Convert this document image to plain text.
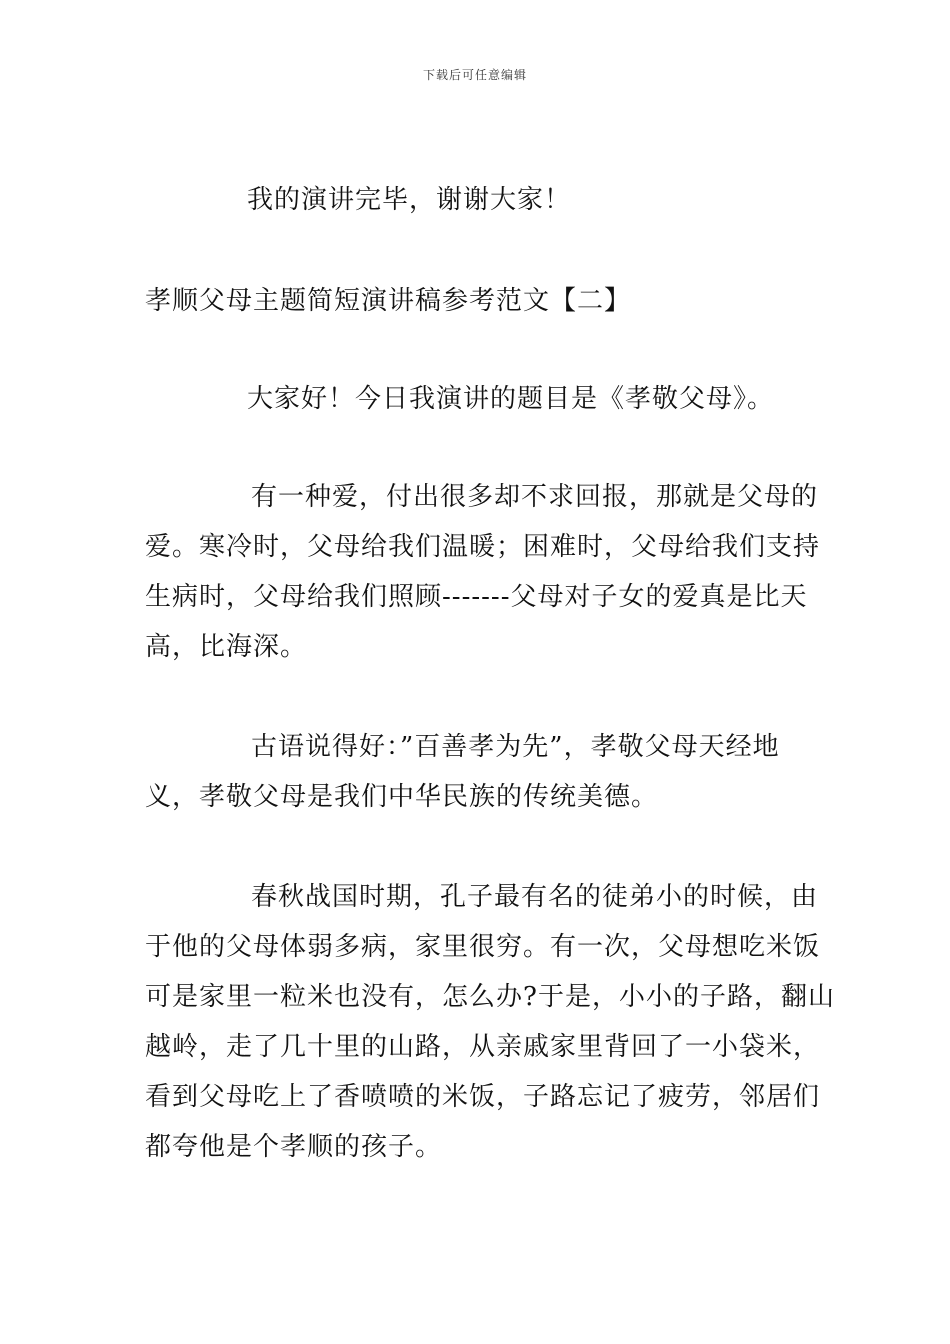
下载后可任意编辑
我的演讲完毕，谢谢大家！
孝顺父母主题简短演讲稿参考范文【二】
大家好！今日我演讲的题目是《孝敬父母》。
有一种爱，付出很多却不求回报，那就是父母的
爱。寒冷时，父母给我们温暖；困难时，父母给我们支持
生病时，父母给我们照顾-------父母对子女的爱真是比天
高，比海深。
古语说得好：”百善孝为先”，孝敬父母天经地
义，孝敬父母是我们中华民族的传统美德。
春秋战国时期，孔子最有名的徒弟小的时候，由
于他的父母体弱多病，家里很穷。有一次，父母想吃米饭
可是家里一粒米也没有，怎么办?于是，小小的子路，翻山
越岭，走了几十里的山路，从亲戚家里背回了一小袋米，
看到父母吃上了香喷喷的米饭，子路忘记了疲劳，邻居们
都夸他是个孝顺的孩子。
